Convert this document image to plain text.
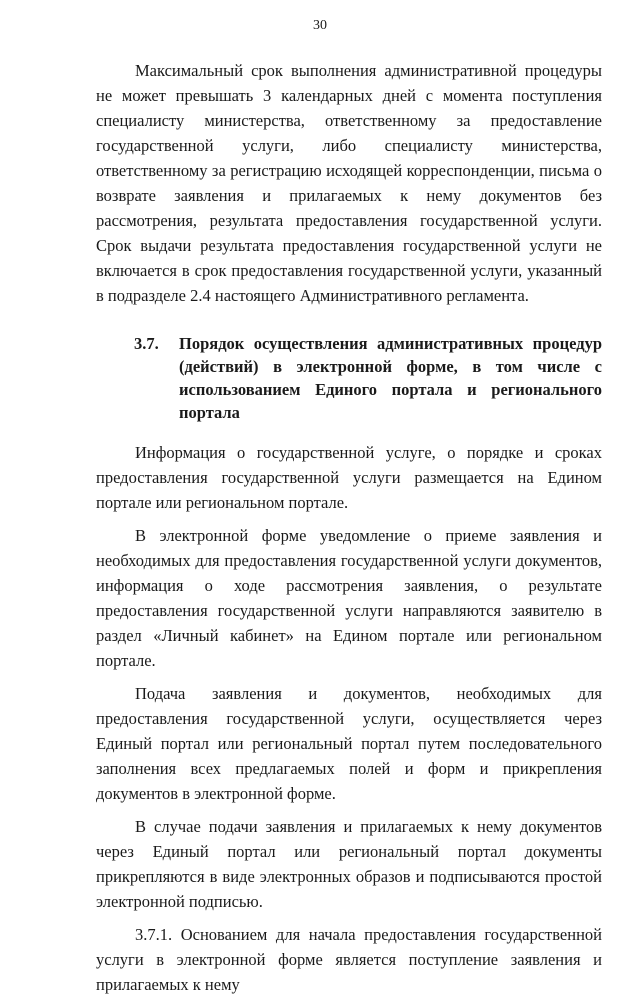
30

Максимальный срок выполнения административной процедуры не может превышать 3 календарных дней с момента поступления специалисту министерства, ответственному за предоставление государственной услуги, либо специалисту министерства, ответственному за регистрацию исходящей корреспонденции, письма о возврате заявления и прилагаемых к нему документов без рассмотрения, результата предоставления государственной услуги. Срок выдачи результата предоставления государственной услуги не включается в срок предоставления государственной услуги, указанный в подразделе 2.4 настоящего Административного регламента.

3.7.	Порядок осуществления административных процедур (действий) в электронной форме, в том числе с использованием Единого портала и регионального портала

Информация о государственной услуге, о порядке и сроках предоставления государственной услуги размещается на Едином портале или региональном портале.

В электронной форме уведомление о приеме заявления и необходимых для предоставления государственной услуги документов, информация о ходе рассмотрения заявления, о результате предоставления государственной услуги направляются заявителю в раздел «Личный кабинет» на Едином портале или региональном портале.

Подача заявления и документов, необходимых для предоставления государственной услуги, осуществляется через Единый портал или региональный портал путем последовательного заполнения всех предлагаемых полей и форм и прикрепления документов в электронной форме.

В случае подачи заявления и прилагаемых к нему документов через Единый портал или региональный портал документы прикрепляются в виде электронных образов и подписываются простой электронной подписью.

3.7.1. Основанием для начала предоставления государственной услуги в электронной форме является поступление заявления и прилагаемых к нему
